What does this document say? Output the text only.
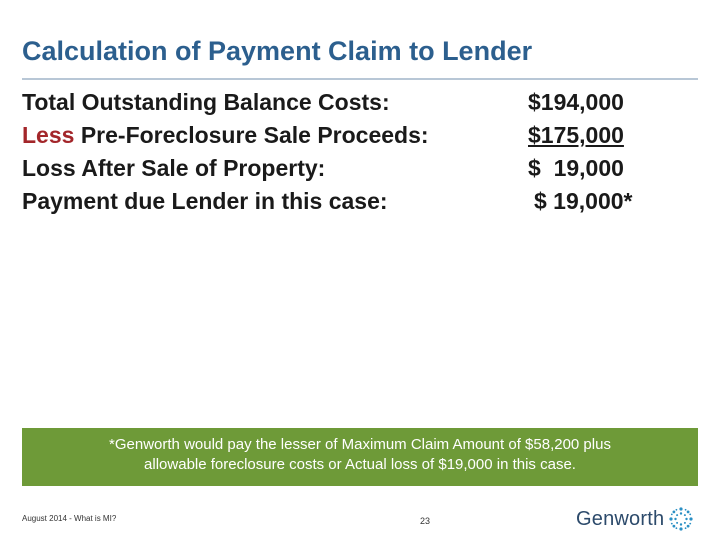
Calculation of Payment Claim to Lender
Total Outstanding Balance Costs:	$194,000
Less Pre-Foreclosure Sale Proceeds:	$175,000
Loss After Sale of Property:	$  19,000
Payment due Lender in this case:	$ 19,000*
*Genworth would pay the lesser of Maximum Claim Amount of $58,200 plus
allowable foreclosure costs or Actual loss of $19,000 in this case.
August 2014 - What is MI?	23	Genworth
